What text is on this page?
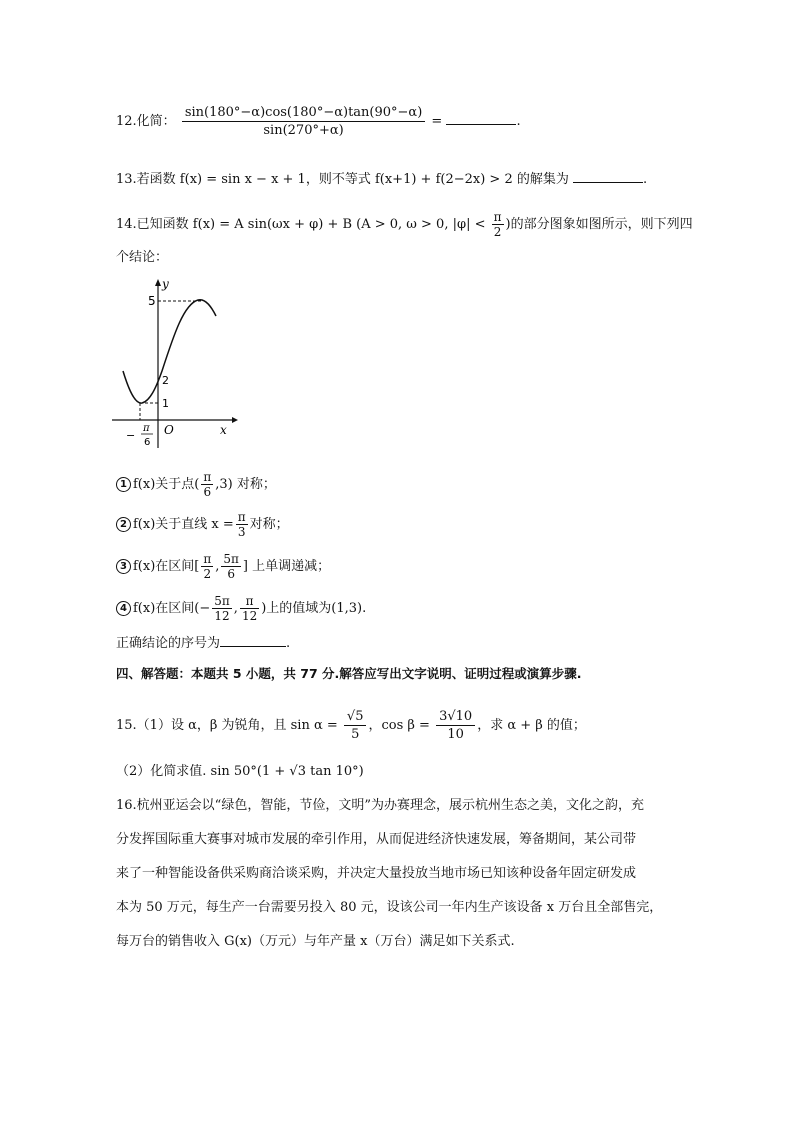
12.化简： $\frac{\sin(180^\circ-\alpha)\cos(180^\circ-\alpha)\tan(90^\circ-\alpha)}{\sin(270^\circ+\alpha)}$ =	.
13.若函数 f(x) = sin x − x + 1，则不等式 f(x+1) + f(2−2x) > 2 的解集为	.
14.已知函数 f(x) = A sin(ωx + φ) + B (A > 0, ω > 0, $|\varphi| < \frac{\pi}{2}$ )的部分图象如图所示，则下列四
个结论：
y
x
O
5
2
1
−
π
6
1 f(x)关于点( $\frac{\pi}{6} ,3$) 对称；
2 f(x)关于直线 $x = \frac{\pi}{3}$ 对称；
3 f(x)在区间[ $\frac{\pi}{2}$ , $\frac{5\pi}{6}$ ] 上单调递减；
4 f(x)在区间(− $\frac{5\pi}{12}$ , $\frac{\pi}{12}$ )上的值域为(1,3).
正确结论的序号为	.
四、解答题：本题共 5 小题，共 77 分.解答应写出文字说明、证明过程或演算步骤.
15.（1）设 α，β 为锐角，且 $\sin \alpha = \frac{√5}{5}$ ，$\cos \beta = \frac{3√10}{10}$ ，求 α + β 的值；
（2）化简求值. sin 50°(1 + √3 tan 10°)
16.杭州亚运会以“绿色，智能，节俭，文明”为办赛理念，展示杭州生态之美，文化之韵，充
分发挥国际重大赛事对城市发展的牵引作用，从而促进经济快速发展，筹备期间，某公司带
来了一种智能设备供采购商洽谈采购，并决定大量投放当地市场已知该种设备年固定研发成
本为 50 万元，每生产一台需要另投入 80 元，设该公司一年内生产该设备 x 万台且全部售完，
每万台的销售收入 G(x)（万元）与年产量 x（万台）满足如下关系式.
